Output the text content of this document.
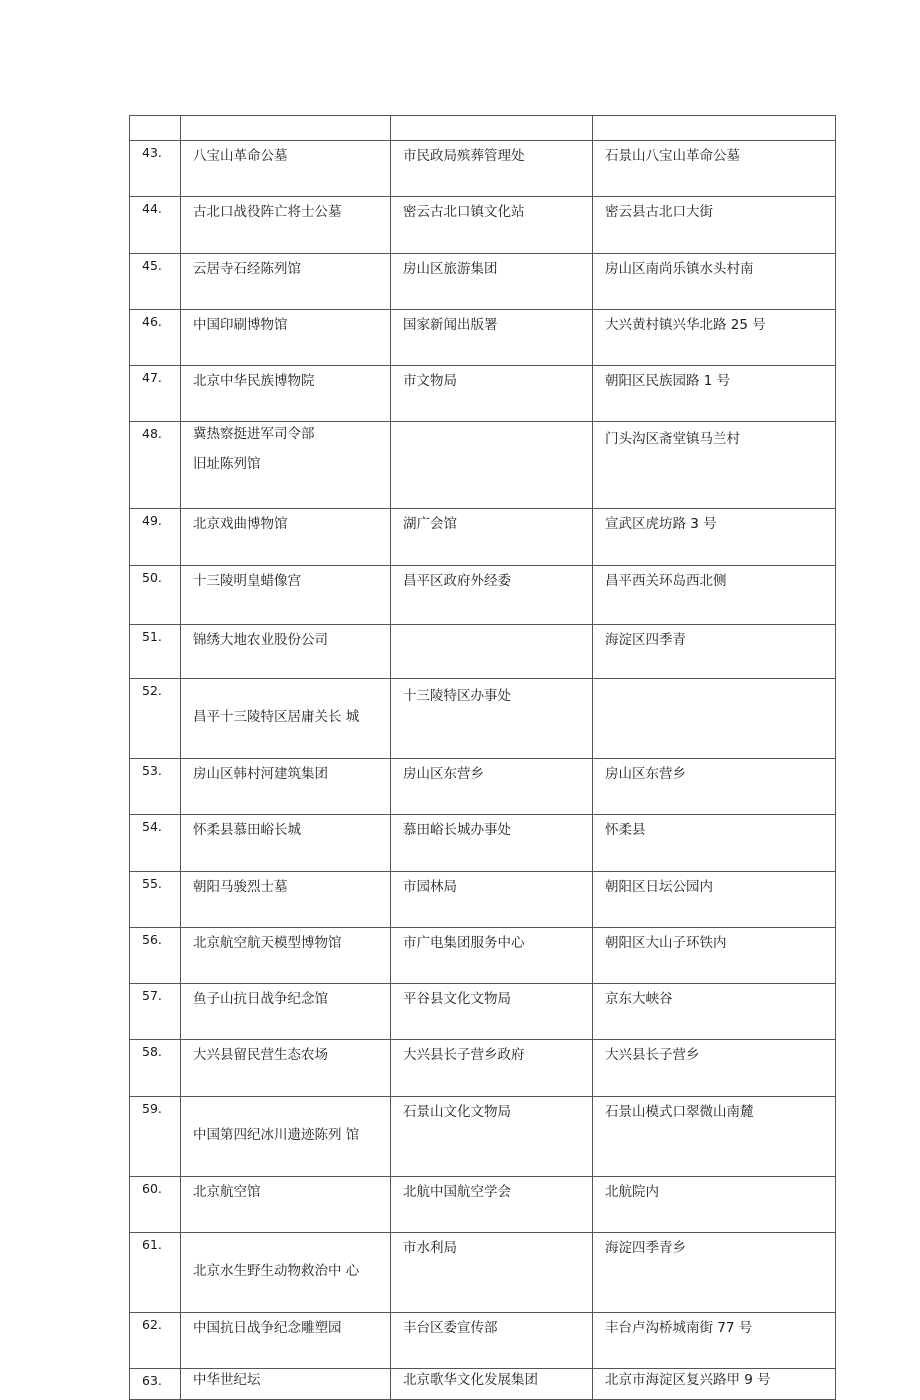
43.	八宝山革命公墓	市民政局殡葬管理处	石景山八宝山革命公墓

44.	古北口战役阵亡将士公墓	密云古北口镇文化站	密云县古北口大街

45.	云居寺石经陈列馆	房山区旅游集团	房山区南尚乐镇水头村南

46.	中国印刷博物馆	国家新闻出版署	大兴黄村镇兴华北路 25 号

47.	北京中华民族博物院	市文物局	朝阳区民族园路 1 号

48.	冀热察挺进军司令部
旧址陈列馆		门头沟区斋堂镇马兰村

49.	北京戏曲博物馆	湖广会馆	宣武区虎坊路 3 号

50.	十三陵明皇蜡像宫	昌平区政府外经委	昌平西关环岛西北侧

51.	锦绣大地农业股份公司		海淀区四季青

52.	昌平十三陵特区居庸关长 城	十三陵特区办事处	

53.	房山区韩村河建筑集团	房山区东营乡	房山区东营乡

54.	怀柔县慕田峪长城	慕田峪长城办事处	怀柔县

55.	朝阳马骏烈士墓	市园林局	朝阳区日坛公园内

56.	北京航空航天模型博物馆	市广电集团服务中心	朝阳区大山子环铁内

57.	鱼子山抗日战争纪念馆	平谷县文化文物局	京东大峡谷

58.	大兴县留民营生态农场	大兴县长子营乡政府	大兴县长子营乡

59.	中国第四纪冰川遗迹陈列 馆	石景山文化文物局	石景山模式口翠微山南麓

60.	北京航空馆	北航中国航空学会	北航院内

61.	北京水生野生动物救治中 心	市水利局	海淀四季青乡

62.	中国抗日战争纪念雕塑园	丰台区委宣传部	丰台卢沟桥城南街 77 号

63.	中华世纪坛	北京歌华文化发展集团	北京市海淀区复兴路甲 9 号
